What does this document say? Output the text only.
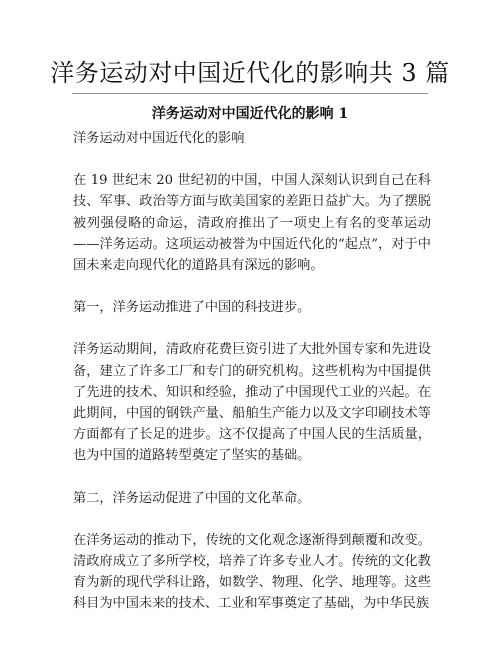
洋务运动对中国近代化的影响共 3 篇
洋务运动对中国近代化的影响 1

洋务运动对中国近代化的影响

在 19 世纪末 20 世纪初的中国，中国人深刻认识到自己在科技、军事、政治等方面与欧美国家的差距日益扩大。为了摆脱被列强侵略的命运，清政府推出了一项史上有名的变革运动——洋务运动。这项运动被誉为中国近代化的“起点”，对于中国未来走向现代化的道路具有深远的影响。

第一，洋务运动推进了中国的科技进步。

洋务运动期间，清政府花费巨资引进了大批外国专家和先进设备，建立了许多工厂和专门的研究机构。这些机构为中国提供了先进的技术、知识和经验，推动了中国现代工业的兴起。在此期间，中国的钢铁产量、船舶生产能力以及文字印刷技术等方面都有了长足的进步。这不仅提高了中国人民的生活质量，也为中国的道路转型奠定了坚实的基础。

第二，洋务运动促进了中国的文化革命。

在洋务运动的推动下，传统的文化观念逐渐得到颠覆和改变。清政府成立了多所学校，培养了许多专业人才。传统的文化教育为新的现代学科让路，如数学、物理、化学、地理等。这些科目为中国未来的技术、工业和军事奠定了基础，为中华民族
